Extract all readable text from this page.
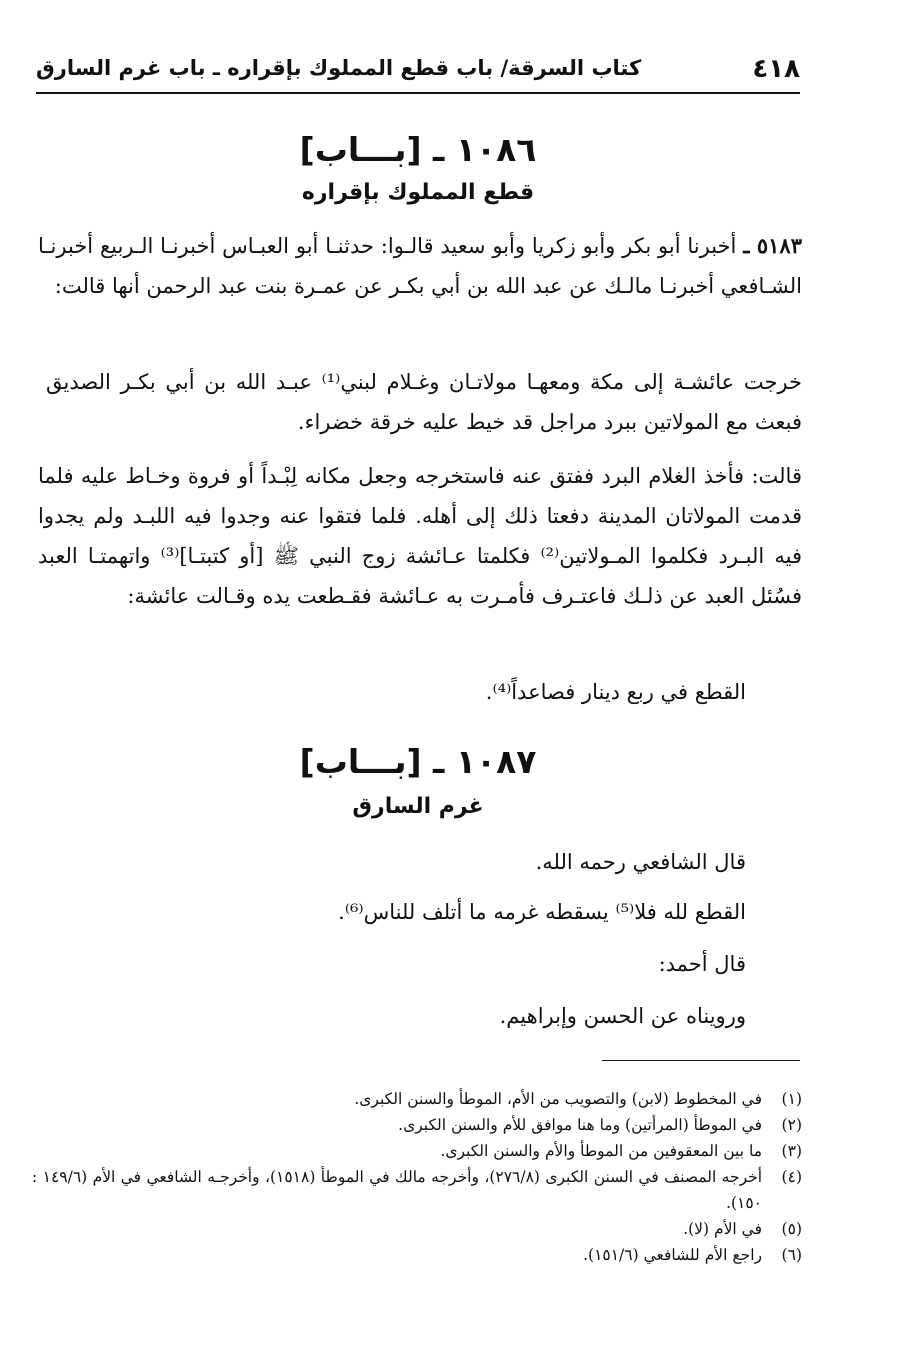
٤١٨
كتاب السرقة/ باب قطع المملوك بإقراره ـ باب غرم السارق
١٠٨٦ ـ [بـــاب]
قطع المملوك بإقراره
٥١٨٣ ـ أخبرنا أبو بكر وأبو زكريا وأبو سعيد قالـوا: حدثنـا أبو العبـاس أخبرنـا الـربيع أخبرنـا الشـافعي أخبرنـا مالـك عن عبد الله بن أبي بكـر عن عمـرة بنت عبد الرحمن أنها قالت:
خرجت عائشـة إلى مكة ومعهـا مولاتـان وغـلام لبني⁽¹⁾ عبـد الله بن أبي بكـر الصديق فبعث مع المولاتين ببرد مراجل قد خيط عليه خرقة خضراء.
قالت: فأخذ الغلام البرد ففتق عنه فاستخرجه وجعل مكانه لِبْـداً أو فروة وخـاط عليه فلما قدمت المولاتان المدينة دفعتا ذلك إلى أهله. فلما فتقوا عنه وجدوا فيه اللبـد ولم يجدوا فيه البـرد فكلموا المـولاتين⁽²⁾ فكلمتا عـائشة زوج النبي ﷺ [أو كتبتـا]⁽³⁾ واتهمتـا العبد فسُئل العبد عن ذلـك فاعتـرف فأمـرت به عـائشة فقـطعت يده وقـالت عائشة:
القطع في ربع دينار فصاعداً⁽⁴⁾.
١٠٨٧ ـ [بـــاب]
غرم السارق
قال الشافعي رحمه الله.
القطع لله فلا⁽⁵⁾ يسقطه غرمه ما أتلف للناس⁽⁶⁾.
قال أحمد:
ورويناه عن الحسن وإبراهيم.
(١)
في المخطوط (لابن) والتصويب من الأم، الموطأ والسنن الكبرى.
(٢)
في الموطأ (المرأتين) وما هنا موافق للأم والسنن الكبرى.
(٣)
ما بين المعقوفين من الموطأ والأم والسنن الكبرى.
(٤)
أخرجه المصنف في السنن الكبرى (٢٧٦/٨)، وأخرجه مالك في الموطأ (١٥١٨)، وأخرجـه الشافعي في الأم (١٤٩/٦ : ١٥٠).
(٥)
في الأم (لا).
(٦)
راجع الأم للشافعي (١٥١/٦).
